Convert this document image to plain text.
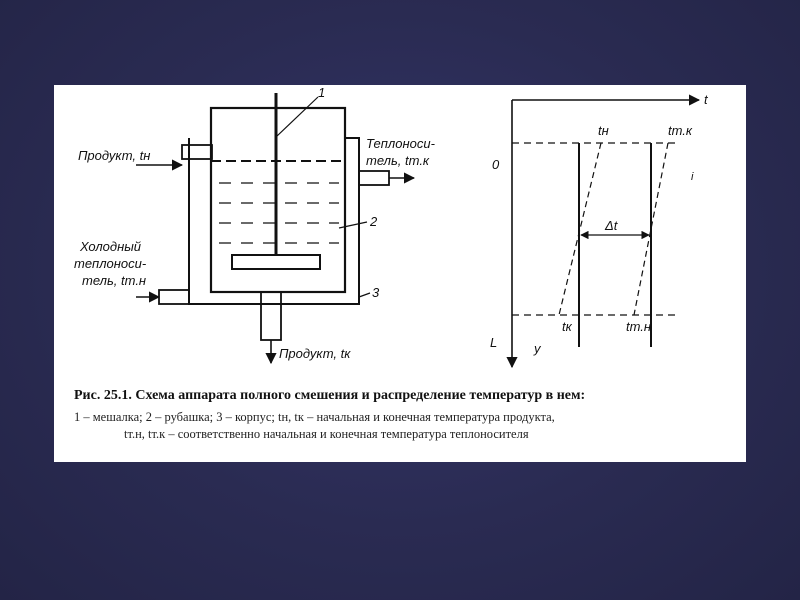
Продукт, tн
Теплоноси-
тель, tт.к
Холодный
теплоноси-
тель, tт.н
Продукт, tк
1
2
3
t
L	y
0
tн	tт.к
tк	tт.н
Δt
i
Рис. 25.1. Схема аппарата полного смешения и распределение температур в нем:
1 – мешалка; 2 – рубашка; 3 – корпус; tн, tк – начальная и конечная температура продукта,
tт.н, tт.к – соответственно начальная и конечная температура теплоносителя
